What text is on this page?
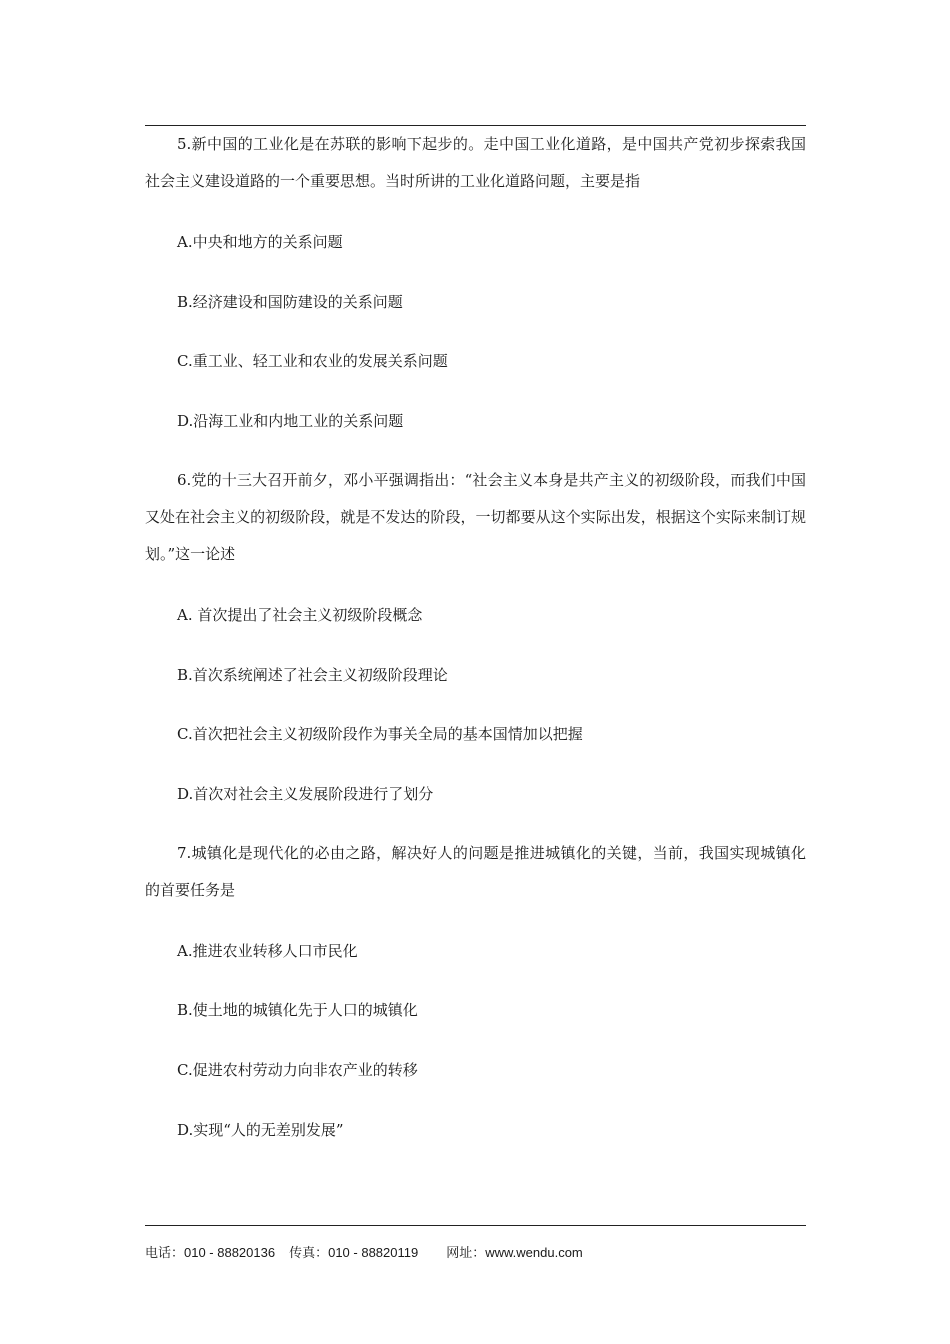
5.新中国的工业化是在苏联的影响下起步的。走中国工业化道路，是中国共产党初步探索我国社会主义建设道路的一个重要思想。当时所讲的工业化道路问题，主要是指

A.中央和地方的关系问题

B.经济建设和国防建设的关系问题

C.重工业、轻工业和农业的发展关系问题

D.沿海工业和内地工业的关系问题

6.党的十三大召开前夕，邓小平强调指出：“社会主义本身是共产主义的初级阶段，而我们中国又处在社会主义的初级阶段，就是不发达的阶段，一切都要从这个实际出发，根据这个实际来制订规划。”这一论述

A. 首次提出了社会主义初级阶段概念

B.首次系统阐述了社会主义初级阶段理论

C.首次把社会主义初级阶段作为事关全局的基本国情加以把握

D.首次对社会主义发展阶段进行了划分

7.城镇化是现代化的必由之路，解决好人的问题是推进城镇化的关键，当前，我国实现城镇化的首要任务是

A.推进农业转移人口市民化

B.使土地的城镇化先于人口的城镇化

C.促进农村劳动力向非农产业的转移

D.实现“人的无差别发展”

电话：010 - 88820136 传真：010 - 88820119 网址：www.wendu.com
